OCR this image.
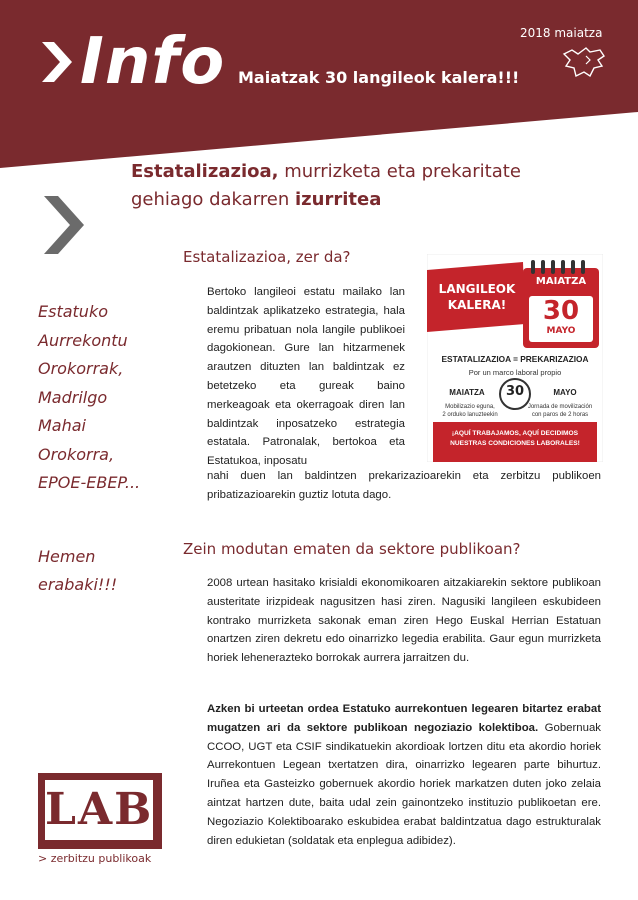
Info Maiatzak 30 langileok kalera!!!
2018 maiatza
Estatalizazioa, murrizketa eta prekaritate
gehiago dakarren izurritea
Estatalizazioa, zer da?
Estatuko
Aurrekontu
Orokorrak,
Madrilgo
Mahai
Orokorra,
EPOE-EBEP...
Hemen
erabaki!!!
Bertoko langileoi estatu mailako lan baldintzak aplikatzeko estrategia, hala eremu pribatuan nola langile publikoei dagokionean. Gure lan hitzarmenek arautzen dituzten lan baldintzak ez betetzeko eta gureak baino merkeagoak eta okerragoak diren lan baldintzak inposatzeko estrategia estatala. Patronalak, bertokoa eta Estatukoa, inposatu
nahi duen lan baldintzen prekarizazioarekin eta zerbitzu publikoen pribatizazioarekin guztiz lotuta dago.
LANGILEOK
KALERA!
MAIATZA
30
MAYO
ESTATALIZAZIOA = PREKARIZAZIOA
Por un marco laboral propio
MAIATZA	30	MAYO
Mobilizazio eguna,
2 orduko lanuzteekin
Jornada de movilización
con paros de 2 horas
¡AQUÍ TRABAJAMOS, AQUÍ DECIDIMOS
NUESTRAS CONDICIONES LABORALES!
Zein modutan ematen da sektore publikoan?
2008 urtean hasitako krisialdi ekonomikoaren aitzakiarekin sektore publikoan austeritate irizpideak nagusitzen hasi ziren. Nagusiki langileen eskubideen kontrako murrizketa sakonak eman ziren Hego Euskal Herrian Estatuan onartzen ziren dekretu edo oinarrizko legedia erabilita. Gaur egun murrizketa horiek lehenerazteko borrokak aurrera jarraitzen du.
Azken bi urteetan ordea Estatuko aurrekontuen legearen bitartez erabat mugatzen ari da sektore publikoan negoziazio kolektiboa. Gobernuak CCOO, UGT eta CSIF sindikatuekin akordioak lortzen ditu eta akordio horiek Aurrekontuen Legean txertatzen dira, oinarrizko legearen parte bihurtuz. Iruñea eta Gasteizko gobernuek akordio horiek markatzen duten joko zelaia aintzat hartzen dute, baita udal zein gainontzeko instituzio publikoetan ere. Negoziazio Kolektiboarako eskubidea erabat baldintzatua dago estrukturalak diren edukietan (soldatak eta enplegua adibidez).
LAB
> zerbitzu publikoak
